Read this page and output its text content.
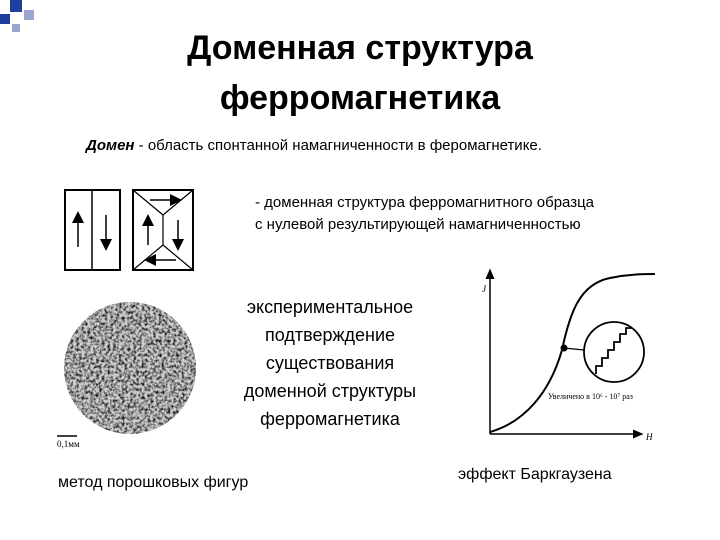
Доменная структура
ферромагнетика
Домен - область спонтанной намагниченности в феромагнетике.
- доменная структура ферромагнитного образца
с нулевой результирующей намагниченностью
0,1мм
экспериментальное
подтверждение
существования
доменной структуры
ферромагнетика
J
H
Увеличено в 10⁶ - 10⁷ раз
метод порошковых фигур	эффект Баркгаузена
